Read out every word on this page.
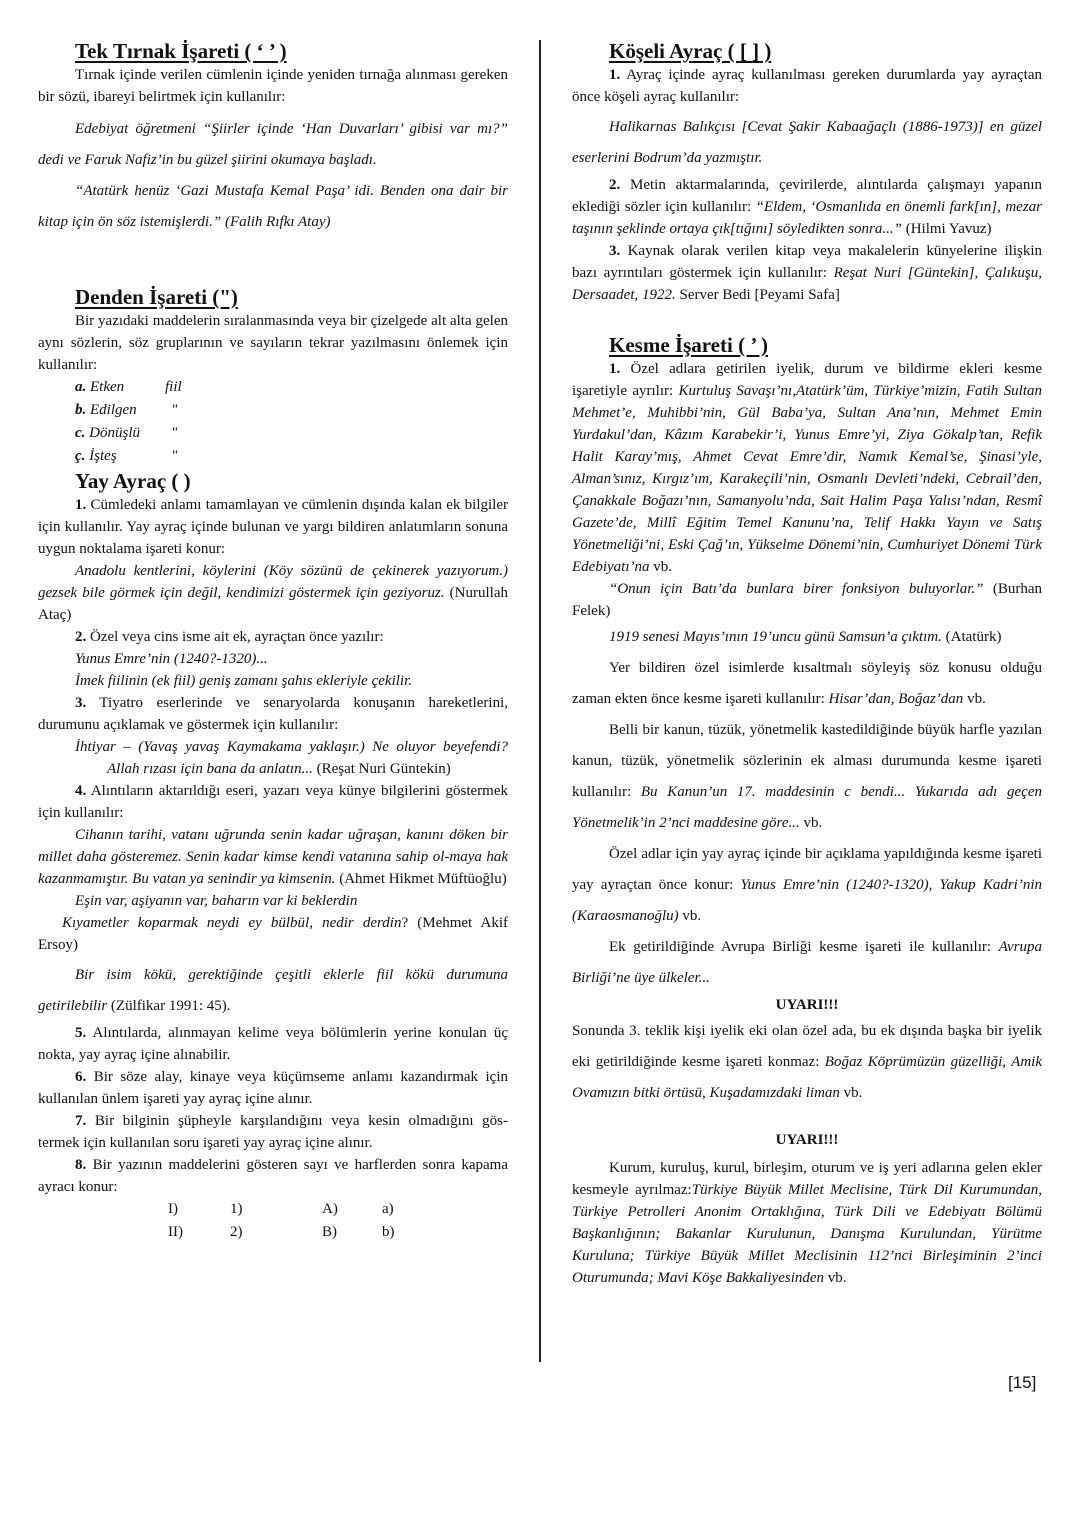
Tek Tırnak İşareti ( ‘ ’ )

Tırnak içinde verilen cümlenin içinde yeniden tırnağa alınması gereken bir sözü, ibareyi belirtmek için kullanılır:

Edebiyat öğretmeni “Şiirler içinde ‘Han Duvarları’ gibisi var mı?” dedi ve Faruk Nafiz’in bu güzel şiirini okumaya başladı.

“Atatürk henüz ‘Gazi Mustafa Kemal Paşa’ idi. Benden ona dair bir kitap için ön söz istemişlerdi.” (Falih Rıfkı Atay)

Denden İşareti (")

Bir yazıdaki maddelerin sıralanmasında veya bir çizelgede alt alta gelen aynı sözlerin, söz gruplarının ve sayıların tekrar yazılmasını önlemek için kullanılır:

a. Etken	fiil
b. Edilgen	"
c. Dönüşlü	"
ç. İşteş	"
Yay Ayraç ( )

1. Cümledeki anlamı tamamlayan ve cümlenin dışında kalan ek bilgiler için kullanılır. Yay ayraç içinde bulunan ve yargı bildiren anlatımların sonuna uygun noktalama işareti konur:

Anadolu kentlerini, köylerini (Köy sözünü de çekinerek yazıyorum.) gezsek bile görmek için değil, kendimizi göstermek için geziyoruz. (Nurullah Ataç)

2. Özel veya cins isme ait ek, ayraçtan önce yazılır:

Yunus Emre’nin (1240?-1320)...

İmek fiilinin (ek fiil) geniş zamanı şahıs ekleriyle çekilir.

3. Tiyatro eserlerinde ve senaryolarda konuşanın hareketlerini, durumunu açıklamak ve göstermek için kullanılır:

İhtiyar – (Yavaş yavaş Kaymakama yaklaşır.) Ne oluyor beyefendi? Allah rızası için bana da anlatın... (Reşat Nuri Güntekin)

4. Alıntıların aktarıldığı eseri, yazarı veya künye bilgilerini göstermek için kullanılır:

Cihanın tarihi, vatanı uğrunda senin kadar uğraşan, kanını döken bir millet daha gösteremez. Senin kadar kimse kendi vatanına sahip ol-maya hak kazanmamıştır. Bu vatan ya senindir ya kimsenin. (Ahmet Hikmet Müftüoğlu)

Eşin var, aşiyanın var, baharın var ki beklerdin

Kıyametler koparmak neydi ey bülbül, nedir derdin? (Mehmet Akif Ersoy)

Bir isim kökü, gerektiğinde çeşitli eklerle fiil kökü durumuna getirilebilir (Zülfikar 1991: 45).

5. Alıntılarda, alınmayan kelime veya bölümlerin yerine konulan üç nokta, yay ayraç içine alınabilir.

6. Bir söze alay, kinaye veya küçümseme anlamı kazandırmak için kullanılan ünlem işareti yay ayraç içine alınır.

7. Bir bilginin şüpheyle karşılandığını veya kesin olmadığını gös-termek için kullanılan soru işareti yay ayraç içine alınır.

8. Bir yazının maddelerini gösteren sayı ve harflerden sonra kapama ayracı konur:

I)	1)	A)	a)
II)	2)	B)	b)
Köşeli Ayraç ( [ ] )

1. Ayraç içinde ayraç kullanılması gereken durumlarda yay ayraçtan önce köşeli ayraç kullanılır:

Halikarnas Balıkçısı [Cevat Şakir Kabaağaçlı (1886-1973)] en güzel eserlerini Bodrum’da yazmıştır.

2. Metin aktarmalarında, çevirilerde, alıntılarda çalışmayı yapanın eklediği sözler için kullanılır: “Eldem, ‘Osmanlıda en önemli fark[ın], mezar taşının şeklinde ortaya çık[tığını] söyledikten sonra...” (Hilmi Yavuz)

3. Kaynak olarak verilen kitap veya makalelerin künyelerine ilişkin bazı ayrıntıları göstermek için kullanılır: Reşat Nuri [Güntekin], Çalıkuşu, Dersaadet, 1922. Server Bedi [Peyami Safa]

Kesme İşareti ( ’ )

1. Özel adlara getirilen iyelik, durum ve bildirme ekleri kesme işaretiyle ayrılır: Kurtuluş Savaşı’nı,Atatürk’üm, Türkiye’mizin, Fatih Sultan Mehmet’e, Muhibbi’nin, Gül Baba’ya, Sultan Ana’nın, Mehmet Emin Yurdakul’dan, Kâzım Karabekir’i, Yunus Emre’yi, Ziya Gökalp’tan, Refik Halit Karay’mış, Ahmet Cevat Emre’dir, Namık Kemal’se, Şinasi’yle, Alman’sınız, Kırgız’ım, Karakeçili’nin, Osmanlı Devleti’ndeki, Cebrail’den, Çanakkale Boğazı’nın, Samanyolu’nda, Sait Halim Paşa Yalısı’ndan, Resmî Gazete’de, Millî Eğitim Temel Kanunu’na, Telif Hakkı Yayın ve Satış Yönetmeliği’ni, Eski Çağ’ın, Yükselme Dönemi’nin, Cumhuriyet Dönemi Türk Edebiyatı’na vb.

“Onun için Batı’da bunlara birer fonksiyon buluyorlar.” (Burhan Felek)

1919 senesi Mayıs’ının 19’uncu günü Samsun’a çıktım. (Atatürk)

Yer bildiren özel isimlerde kısaltmalı söyleyiş söz konusu olduğu zaman ekten önce kesme işareti kullanılır: Hisar’dan, Boğaz’dan vb.

Belli bir kanun, tüzük, yönetmelik kastedildiğinde büyük harfle yazılan kanun, tüzük, yönetmelik sözlerinin ek alması durumunda kesme işareti kullanılır: Bu Kanun’un 17. maddesinin c bendi... Yukarıda adı geçen Yönetmelik’in 2’nci maddesine göre... vb.

Özel adlar için yay ayraç içinde bir açıklama yapıldığında kesme işareti yay ayraçtan önce konur: Yunus Emre’nin (1240?-1320), Yakup Kadri’nin (Karaosmanoğlu) vb.

Ek getirildiğinde Avrupa Birliği kesme işareti ile kullanılır: Avrupa Birliği’ne üye ülkeler...

UYARI!!!

Sonunda 3. teklik kişi iyelik eki olan özel ada, bu ek dışında başka bir iyelik eki getirildiğinde kesme işareti konmaz: Boğaz Köprümüzün güzelliği, Amik Ovamızın bitki örtüsü, Kuşadamızdaki liman vb.

UYARI!!!

Kurum, kuruluş, kurul, birleşim, oturum ve iş yeri adlarına gelen ekler kesmeyle ayrılmaz:Türkiye Büyük Millet Meclisine, Türk Dil Kurumundan, Türkiye Petrolleri Anonim Ortaklığına, Türk Dili ve Edebiyatı Bölümü Başkanlığının; Bakanlar Kurulunun, Danışma Kurulundan, Yürütme Kuruluna; Türkiye Büyük Millet Meclisinin 112’nci Birleşiminin 2’inci Oturumunda; Mavi Köşe Bakkaliyesinden vb.

[15]
